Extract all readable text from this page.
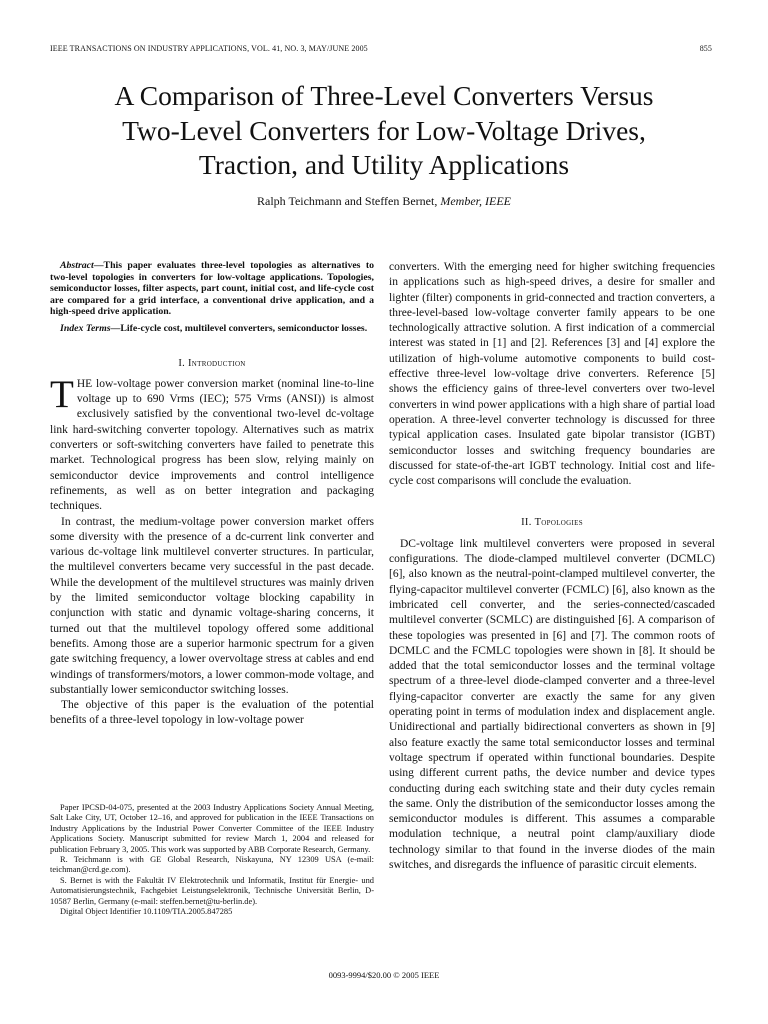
IEEE TRANSACTIONS ON INDUSTRY APPLICATIONS, VOL. 41, NO. 3, MAY/JUNE 2005	855
A Comparison of Three-Level Converters Versus
Two-Level Converters for Low-Voltage Drives,
Traction, and Utility Applications
Ralph Teichmann and Steffen Bernet, Member, IEEE

Abstract—This paper evaluates three-level topologies as alternatives to two-level topologies in converters for low-voltage applications. Topologies, semiconductor losses, filter aspects, part count, initial cost, and life-cycle cost are compared for a grid interface, a conventional drive application, and a high-speed drive application.

Index Terms—Life-cycle cost, multilevel converters, semiconductor losses.

I. Introduction

THE low-voltage power conversion market (nominal line-to-line voltage up to 690 Vrms (IEC); 575 Vrms (ANSI)) is almost exclusively satisfied by the conventional two-level dc-voltage link hard-switching converter topology. Alternatives such as matrix converters or soft-switching converters have failed to penetrate this market. Technological progress has been slow, relying mainly on semiconductor device improvements and control intelligence refinements, as well as on better integration and packaging techniques.

In contrast, the medium-voltage power conversion market offers some diversity with the presence of a dc-current link converter and various dc-voltage link multilevel converter structures. In particular, the multilevel converters became very successful in the past decade. While the development of the multilevel structures was mainly driven by the limited semiconductor voltage blocking capability in conjunction with static and dynamic voltage-sharing concerns, it turned out that the multilevel topology offered some additional benefits. Among those are a superior harmonic spectrum for a given gate switching frequency, a lower overvoltage stress at cables and end windings of transformers/motors, a lower common-mode voltage, and substantially lower semiconductor switching losses.

The objective of this paper is the evaluation of the potential benefits of a three-level topology in low-voltage power

converters. With the emerging need for higher switching frequencies in applications such as high-speed drives, a desire for smaller and lighter (filter) components in grid-connected and traction converters, a three-level-based low-voltage converter family appears to be one technologically attractive solution. A first indication of a commercial interest was stated in [1] and [2]. References [3] and [4] explore the utilization of high-volume automotive components to build cost-effective three-level low-voltage drive converters. Reference [5] shows the efficiency gains of three-level converters over two-level converters in wind power applications with a high share of partial load operation. A three-level converter technology is discussed for three typical application cases. Insulated gate bipolar transistor (IGBT) semiconductor losses and switching frequency boundaries are discussed for state-of-the-art IGBT technology. Initial cost and life-cycle cost comparisons will conclude the evaluation.

II. Topologies

DC-voltage link multilevel converters were proposed in several configurations. The diode-clamped multilevel converter (DCMLC) [6], also known as the neutral-point-clamped multilevel converter, the flying-capacitor multilevel converter (FCMLC) [6], also known as the imbricated cell converter, and the series-connected/cascaded multilevel converter (SCMLC) are distinguished [6]. A comparison of these topologies was presented in [6] and [7]. The common roots of DCMLC and the FCMLC topologies were shown in [8]. It should be added that the total semiconductor losses and the terminal voltage spectrum of a three-level diode-clamped converter and a three-level flying-capacitor converter are exactly the same for any given operating point in terms of modulation index and displacement angle. Unidirectional and partially bidirectional converters as shown in [9] also feature exactly the same total semiconductor losses and terminal voltage spectrum if operated within functional boundaries. Despite using different current paths, the device number and device types conducting during each switching state and their duty cycles remain the same. Only the distribution of the semiconductor losses among the semiconductor modules is different. This assumes a comparable modulation technique, a neutral point clamp/auxiliary diode technology similar to that found in the inverse diodes of the main switches, and disregards the influence of parasitic circuit elements.

Paper IPCSD-04-075, presented at the 2003 Industry Applications Society Annual Meeting, Salt Lake City, UT, October 12–16, and approved for publication in the IEEE Transactions on Industry Applications by the Industrial Power Converter Committee of the IEEE Industry Applications Society. Manuscript submitted for review March 1, 2004 and released for publication February 3, 2005. This work was supported by ABB Corporate Research, Germany.

R. Teichmann is with GE Global Research, Niskayuna, NY 12309 USA (e-mail: teichman@crd.ge.com).

S. Bernet is with the Fakultät IV Elektrotechnik und Informatik, Institut für Energie- und Automatisierungstechnik, Fachgebiet Leistungselektronik, Technische Universität Berlin, D-10587 Berlin, Germany (e-mail: steffen.bernet@tu-berlin.de).

Digital Object Identifier 10.1109/TIA.2005.847285

0093-9994/$20.00 © 2005 IEEE
